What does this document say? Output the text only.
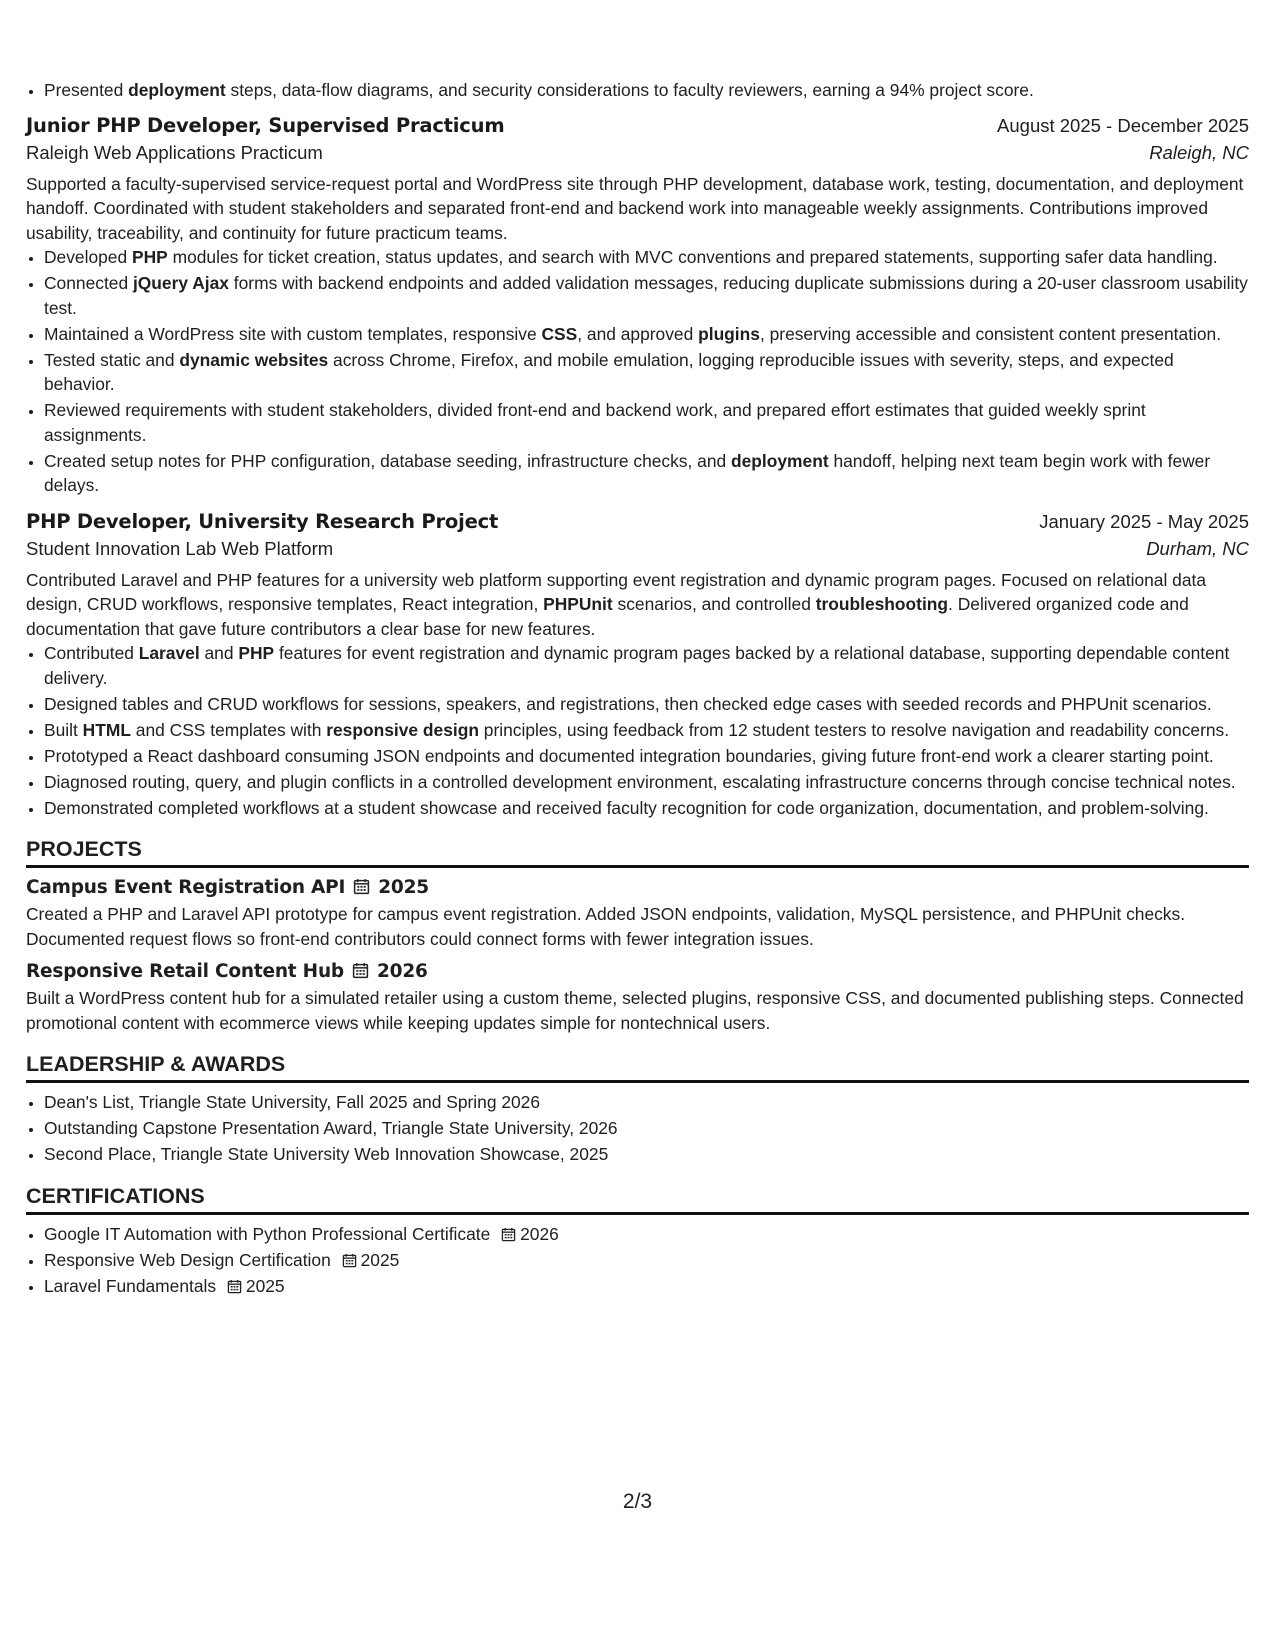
• Presented deployment steps, data-flow diagrams, and security considerations to faculty reviewers, earning a 94% project score.
Junior PHP Developer, Supervised Practicum	August 2025 - December 2025
Raleigh Web Applications Practicum	Raleigh, NC

Supported a faculty-supervised service-request portal and WordPress site through PHP development, database work, testing, documentation, and deployment handoff. Coordinated with student stakeholders and separated front-end and backend work into manageable weekly assignments. Contributions improved usability, traceability, and continuity for future practicum teams.

• Developed PHP modules for ticket creation, status updates, and search with MVC conventions and prepared statements, supporting safer data handling.
• Connected jQuery Ajax forms with backend endpoints and added validation messages, reducing duplicate submissions during a 20-user classroom usability test.
• Maintained a WordPress site with custom templates, responsive CSS, and approved plugins, preserving accessible and consistent content presentation.
• Tested static and dynamic websites across Chrome, Firefox, and mobile emulation, logging reproducible issues with severity, steps, and expected behavior.
• Reviewed requirements with student stakeholders, divided front-end and backend work, and prepared effort estimates that guided weekly sprint assignments.
• Created setup notes for PHP configuration, database seeding, infrastructure checks, and deployment handoff, helping next team begin work with fewer delays.
PHP Developer, University Research Project	January 2025 - May 2025
Student Innovation Lab Web Platform	Durham, NC

Contributed Laravel and PHP features for a university web platform supporting event registration and dynamic program pages. Focused on relational data design, CRUD workflows, responsive templates, React integration, PHPUnit scenarios, and controlled troubleshooting. Delivered organized code and documentation that gave future contributors a clear base for new features.

• Contributed Laravel and PHP features for event registration and dynamic program pages backed by a relational database, supporting dependable content delivery.
• Designed tables and CRUD workflows for sessions, speakers, and registrations, then checked edge cases with seeded records and PHPUnit scenarios.
• Built HTML and CSS templates with responsive design principles, using feedback from 12 student testers to resolve navigation and readability concerns.
• Prototyped a React dashboard consuming JSON endpoints and documented integration boundaries, giving future front-end work a clearer starting point.
• Diagnosed routing, query, and plugin conflicts in a controlled development environment, escalating infrastructure concerns through concise technical notes.
• Demonstrated completed workflows at a student showcase and received faculty recognition for code organization, documentation, and problem-solving.
PROJECTS
Campus Event Registration API 2025
Created a PHP and Laravel API prototype for campus event registration. Added JSON endpoints, validation, MySQL persistence, and PHPUnit checks. Documented request flows so front-end contributors could connect forms with fewer integration issues.
Responsive Retail Content Hub 2026
Built a WordPress content hub for a simulated retailer using a custom theme, selected plugins, responsive CSS, and documented publishing steps. Connected promotional content with ecommerce views while keeping updates simple for nontechnical users.
LEADERSHIP & AWARDS
• Dean's List, Triangle State University, Fall 2025 and Spring 2026
• Outstanding Capstone Presentation Award, Triangle State University, 2026
• Second Place, Triangle State University Web Innovation Showcase, 2025
CERTIFICATIONS
• Google IT Automation with Python Professional Certificate 2026
• Responsive Web Design Certification 2025
• Laravel Fundamentals 2025
2/3
